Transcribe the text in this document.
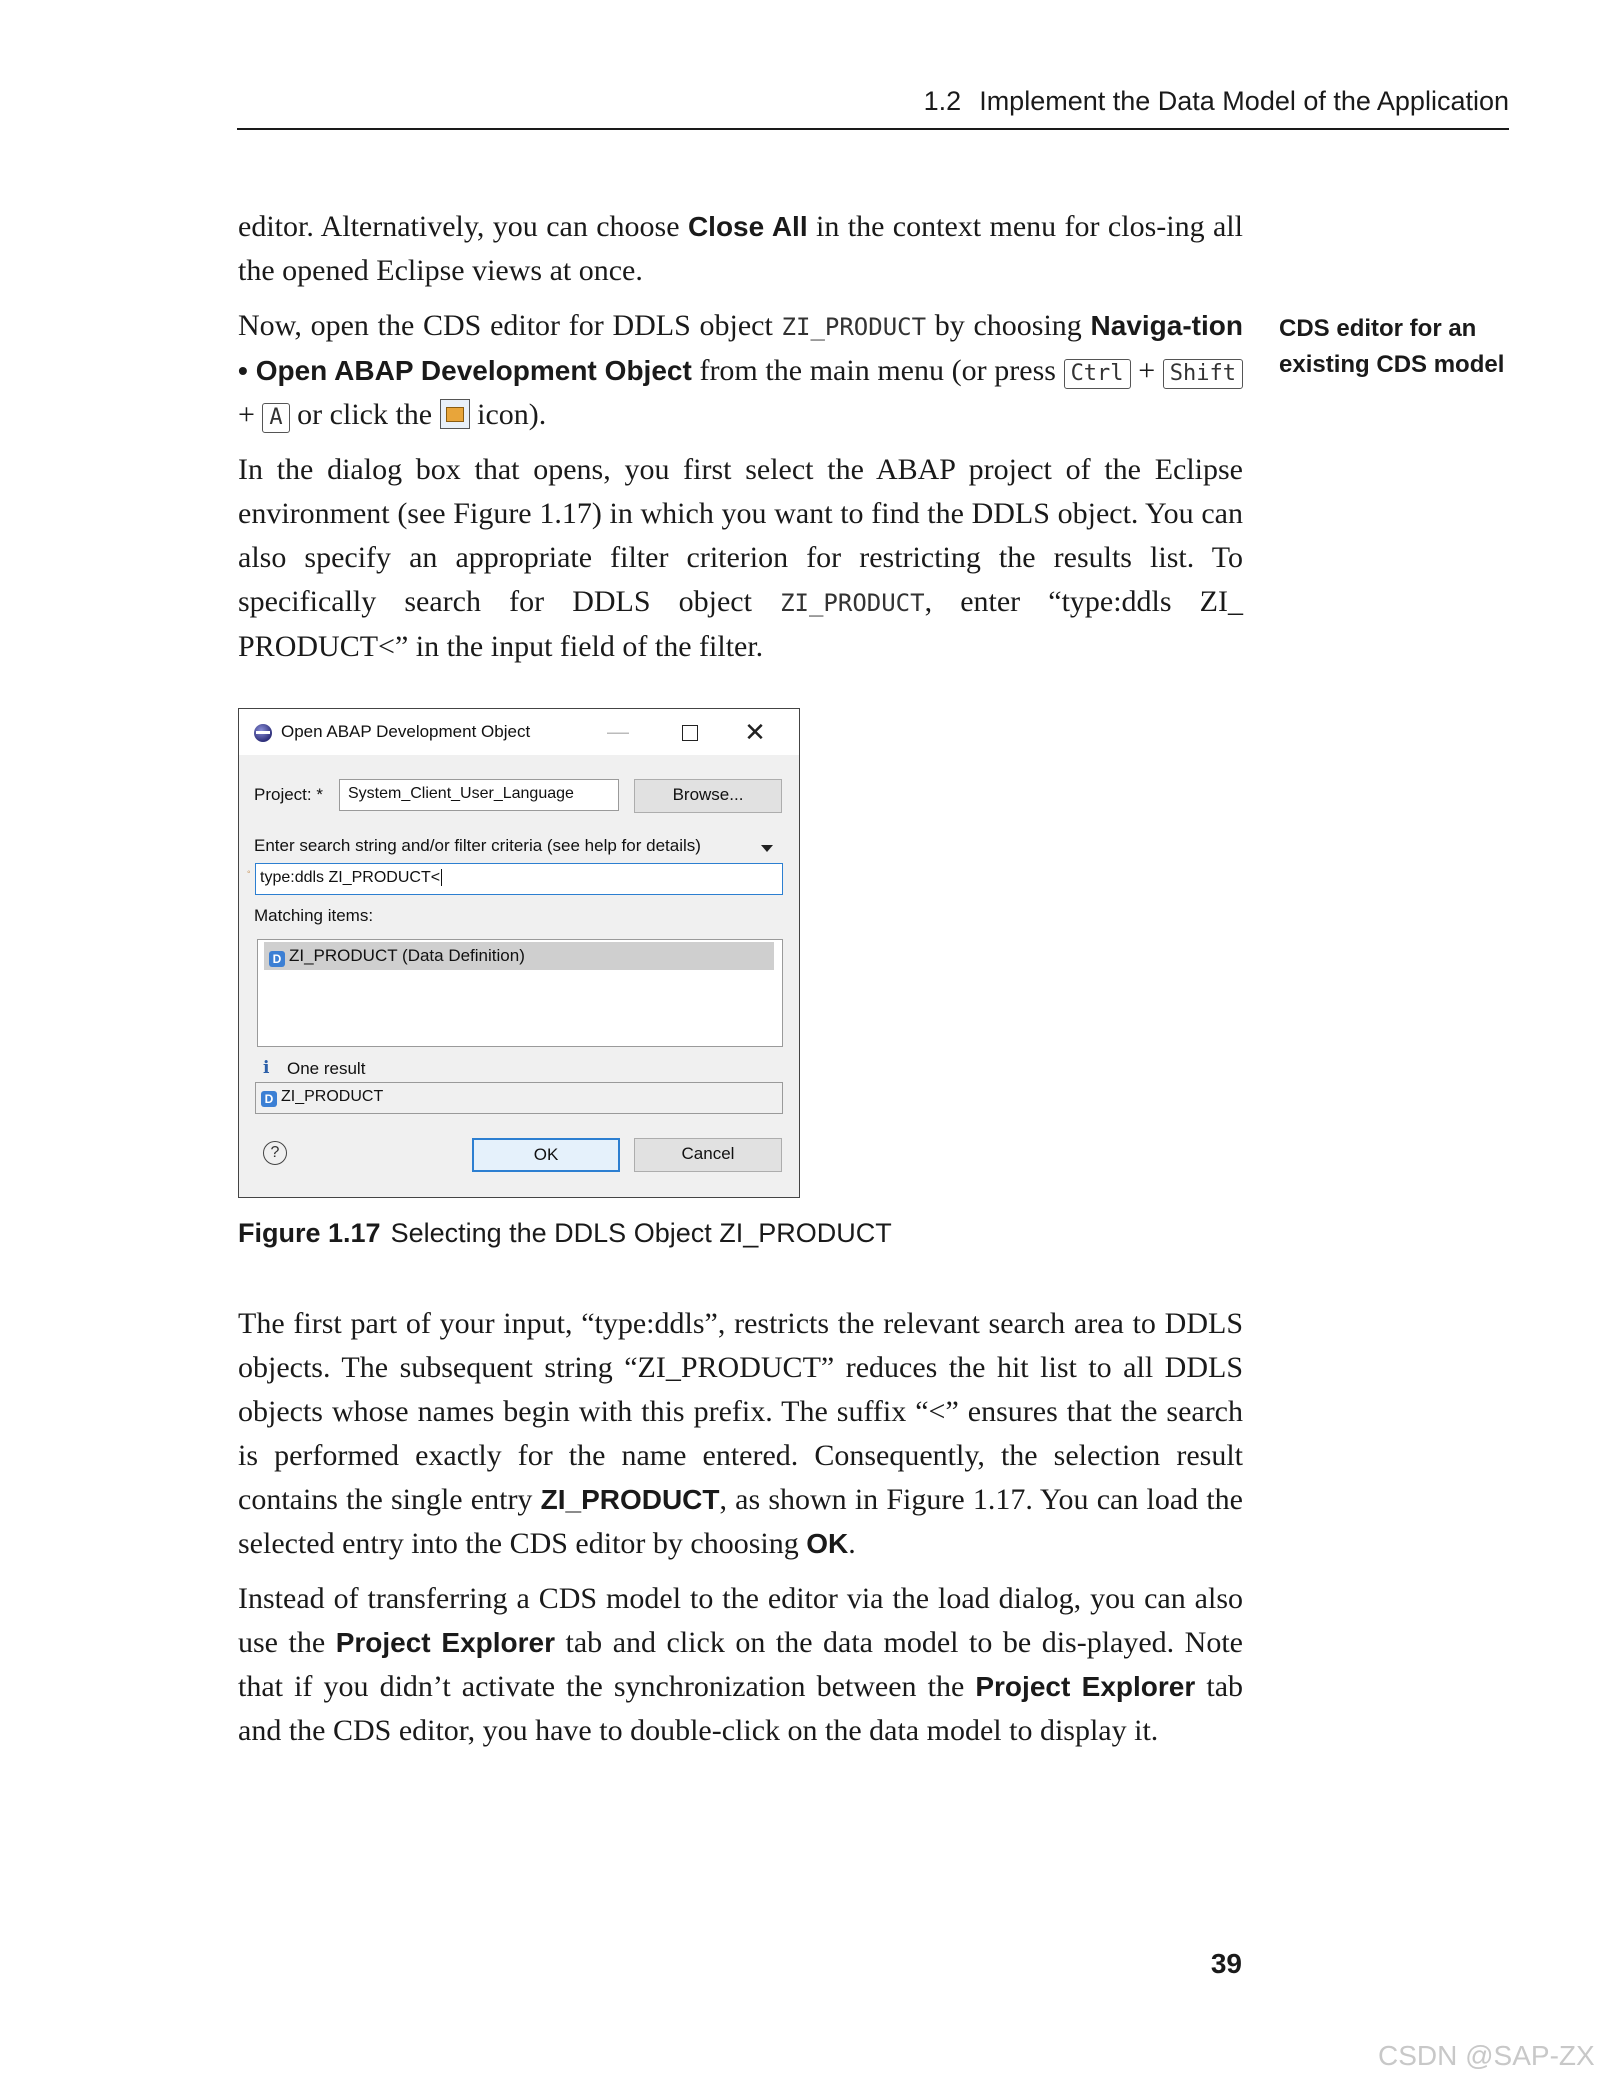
1.2 Implement the Data Model of the Application

editor. Alternatively, you can choose Close All in the context menu for clos-ing all the opened Eclipse views at once.

Now, open the CDS editor for DDLS object ZI_PRODUCT by choosing Naviga-tion • Open ABAP Development Object from the main menu (or press Ctrl + Shift + A or click the  icon).

In the dialog box that opens, you first select the ABAP project of the Eclipse environment (see Figure 1.17) in which you want to find the DDLS object. You can also specify an appropriate filter criterion for restricting the results list. To specifically search for DDLS object ZI_PRODUCT, enter “type:ddls ZI_ PRODUCT<” in the input field of the filter.

CDS editor for an existing CDS model
Open ABAP Development Object	—	✕
Project: *	System_Client_User_Language	Browse...
Enter search string and/or filter criteria (see help for details)
◦ type:ddls ZI_PRODUCT<
Matching items:
D ZI_PRODUCT (Data Definition)
i One result
D ZI_PRODUCT
?	OK	Cancel
Figure 1.17 Selecting the DDLS Object ZI_PRODUCT

The first part of your input, “type:ddls”, restricts the relevant search area to DDLS objects. The subsequent string “ZI_PRODUCT” reduces the hit list to all DDLS objects whose names begin with this prefix. The suffix “<” ensures that the search is performed exactly for the name entered. Consequently, the selection result contains the single entry ZI_PRODUCT, as shown in Figure 1.17. You can load the selected entry into the CDS editor by choosing OK.

Instead of transferring a CDS model to the editor via the load dialog, you can also use the Project Explorer tab and click on the data model to be dis-played. Note that if you didn’t activate the synchronization between the Project Explorer tab and the CDS editor, you have to double-click on the data model to display it.

39
CSDN @SAP-ZX
